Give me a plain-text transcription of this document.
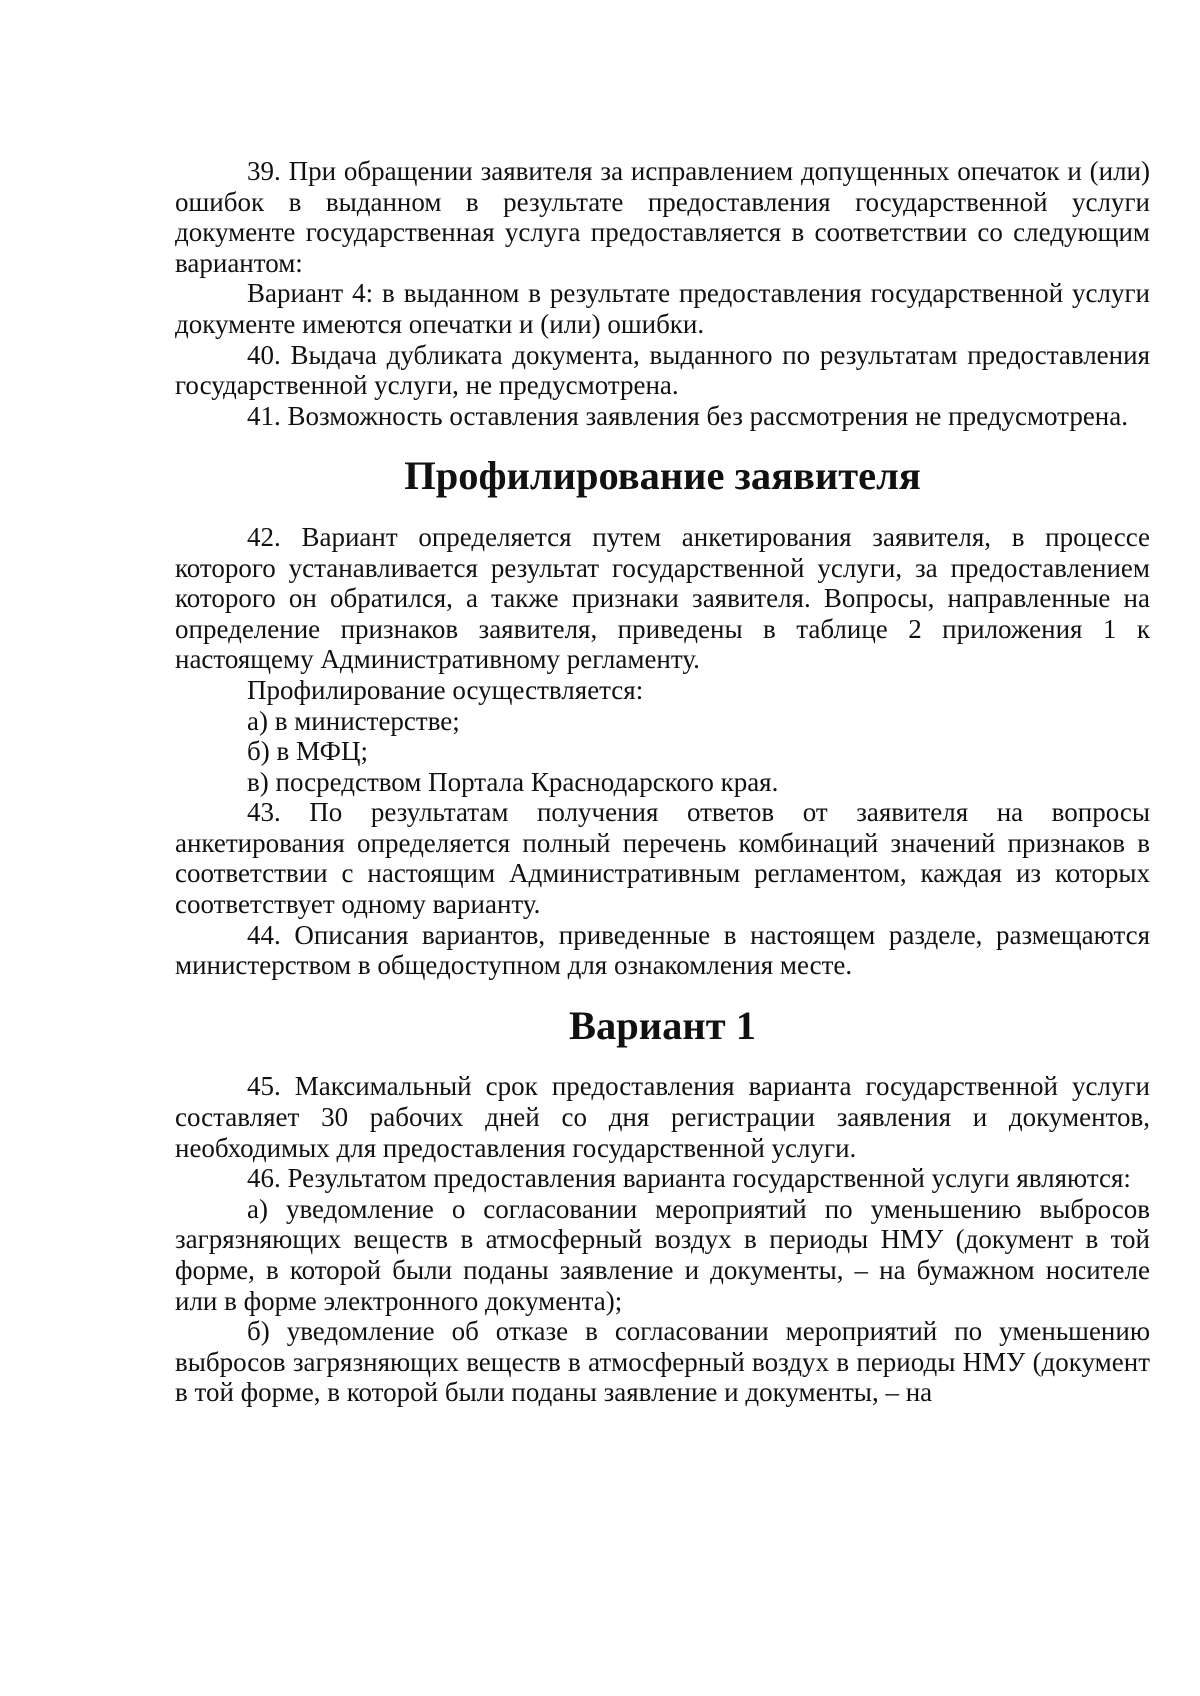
39. При обращении заявителя за исправлением допущенных опечаток и (или) ошибок в выданном в результате предоставления государственной услуги документе государственная услуга предоставляется в соответствии со следующим вариантом:

Вариант 4: в выданном в результате предоставления государственной услуги документе имеются опечатки и (или) ошибки.

40. Выдача дубликата документа, выданного по результатам предоставления государственной услуги, не предусмотрена.

41. Возможность оставления заявления без рассмотрения не предусмотрена.

Профилирование заявителя

42. Вариант определяется путем анкетирования заявителя, в процессе которого устанавливается результат государственной услуги, за предоставлением которого он обратился, а также признаки заявителя. Вопросы, направленные на определение признаков заявителя, приведены в таблице 2 приложения 1 к настоящему Административному регламенту.

Профилирование осуществляется:

а) в министерстве;

б) в МФЦ;

в) посредством Портала Краснодарского края.

43. По результатам получения ответов от заявителя на вопросы анкетирования определяется полный перечень комбинаций значений признаков в соответствии с настоящим Административным регламентом, каждая из которых соответствует одному варианту.

44. Описания вариантов, приведенные в настоящем разделе, размещаются министерством в общедоступном для ознакомления месте.

Вариант 1

45. Максимальный срок предоставления варианта государственной услуги составляет 30 рабочих дней со дня регистрации заявления и документов, необходимых для предоставления государственной услуги.

46. Результатом предоставления варианта государственной услуги являются:

а) уведомление о согласовании мероприятий по уменьшению выбросов загрязняющих веществ в атмосферный воздух в периоды НМУ (документ в той форме, в которой были поданы заявление и документы, – на бумажном носителе или в форме электронного документа);

б) уведомление об отказе в согласовании мероприятий по уменьшению выбросов загрязняющих веществ в атмосферный воздух в периоды НМУ (документ в той форме, в которой были поданы заявление и документы, – на
